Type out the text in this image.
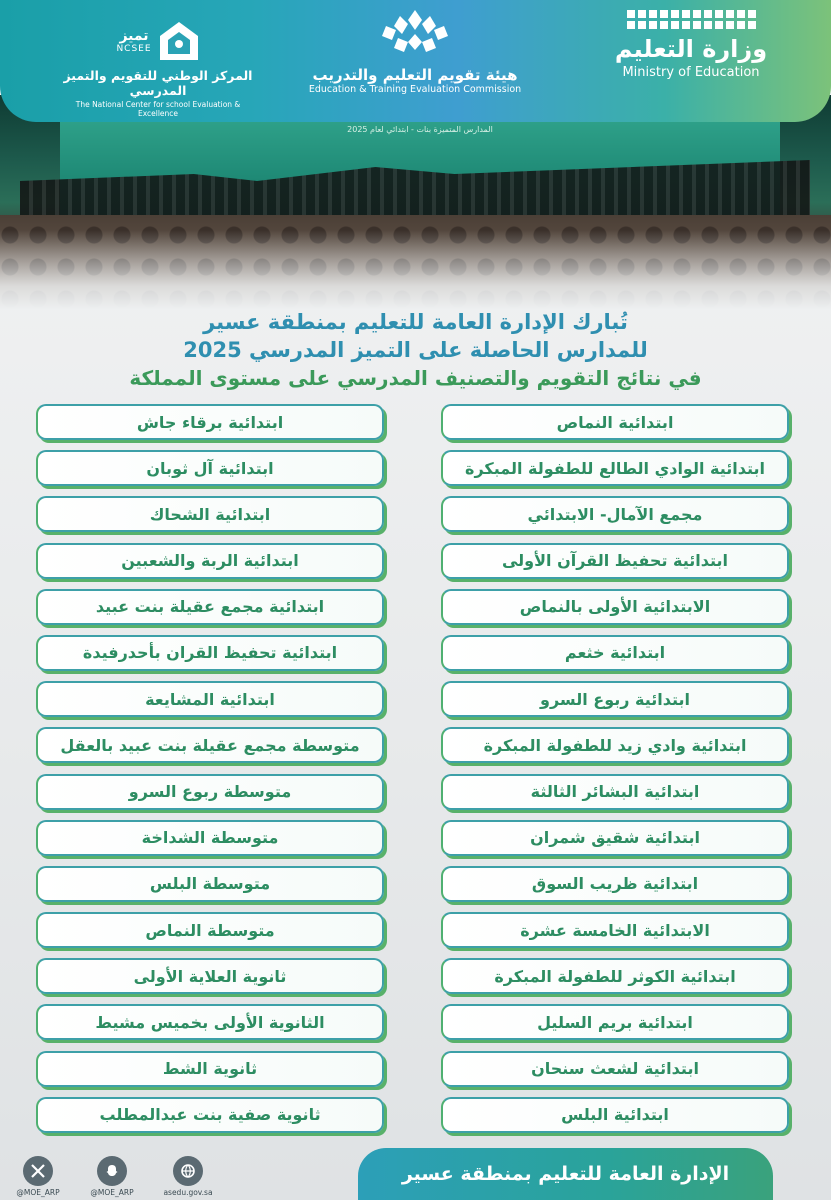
وزارة التعليم
Ministry of Education
هيئة تقويم التعليم والتدريب
Education & Training Evaluation Commission
تميز
NCSEE
المركز الوطني للتقويم والتميز المدرسي
The National Center for school Evaluation & Excellence
المدارس المتميزة بنات - ابتدائي لعام 2025
تُبارك الإدارة العامة للتعليم بمنطقة عسير
للمدارس الحاصلة على التميز المدرسي 2025
في نتائج التقويم والتصنيف المدرسي على مستوى المملكة
ابتدائية النماص
ابتدائية الوادي الطالع للطفولة المبكرة
مجمع الآمال- الابتدائي
ابتدائية تحفيظ القرآن الأولى
الابتدائية الأولى بالنماص
ابتدائية خثعم
ابتدائية ربوع السرو
ابتدائية وادي زيد للطفولة المبكرة
ابتدائية البشائر الثالثة
ابتدائية شقيق شمران
ابتدائية ظريب السوق
الابتدائية الخامسة عشرة
ابتدائية الكوثر للطفولة المبكرة
ابتدائية بريم السليل
ابتدائية لشعث سنحان
ابتدائية البلس
ابتدائية برقاء جاش
ابتدائية آل ثوبان
ابتدائية الشحاك
ابتدائية الربة والشعبين
ابتدائية مجمع عقيلة بنت عبيد
ابتدائية تحفيظ القران بأحدرفيدة
ابتدائية المشايعة
متوسطة مجمع عقيلة بنت عبيد بالعقل
متوسطة ربوع السرو
متوسطة الشداخة
متوسطة البلس
متوسطة النماص
ثانوية العلاية الأولى
الثانوية الأولى بخميس مشيط
ثانوية الشط
ثانوية صفية بنت عبدالمطلب
@MOE_ARP	@MOE_ARP	asedu.gov.sa
الإدارة العامة للتعليم بمنطقة عسير
